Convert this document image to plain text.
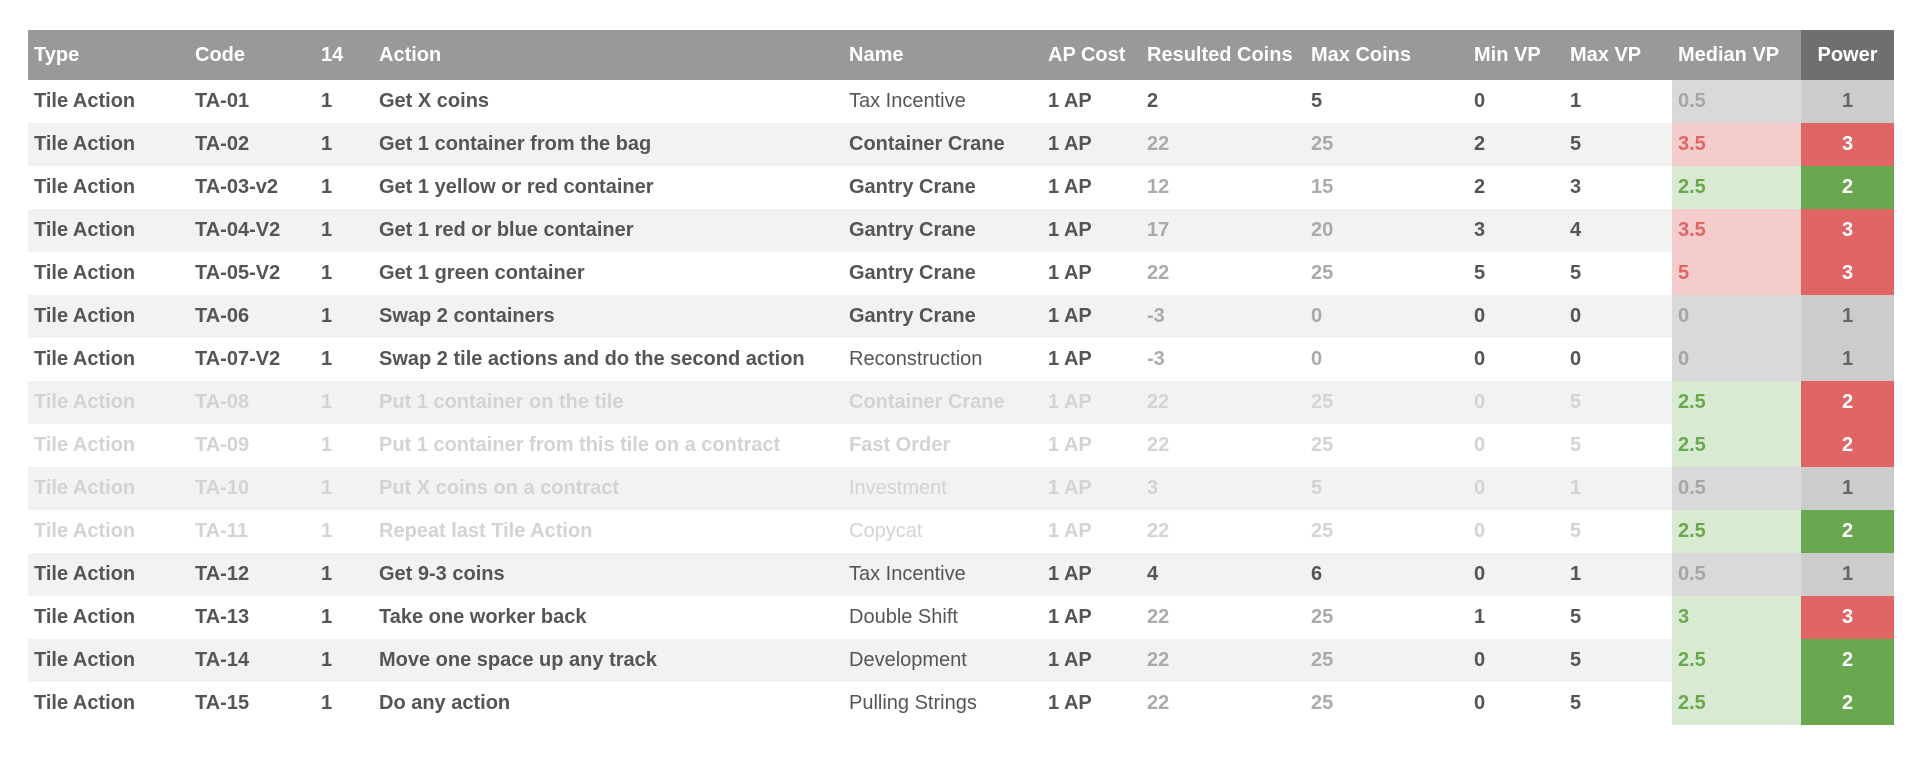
Type	Code	14	Action	Name	AP Cost	Resulted Coins	Max Coins	Min VP	Max VP	Median VP	Power
Tile Action	TA-01	1	Get X coins	Tax Incentive	1 AP	2	5	0	1	0.5	1
Tile Action	TA-02	1	Get 1 container from the bag	Container Crane	1 AP	22	25	2	5	3.5	3
Tile Action	TA-03-v2	1	Get 1 yellow or red container	Gantry Crane	1 AP	12	15	2	3	2.5	2
Tile Action	TA-04-V2	1	Get 1 red or blue container	Gantry Crane	1 AP	17	20	3	4	3.5	3
Tile Action	TA-05-V2	1	Get 1 green container	Gantry Crane	1 AP	22	25	5	5	5	3
Tile Action	TA-06	1	Swap 2 containers	Gantry Crane	1 AP	-3	0	0	0	0	1
Tile Action	TA-07-V2	1	Swap 2 tile actions and do the second action	Reconstruction	1 AP	-3	0	0	0	0	1
Tile Action	TA-08	1	Put 1 container on the tile	Container Crane	1 AP	22	25	0	5	2.5	2
Tile Action	TA-09	1	Put 1 container from this tile on a contract	Fast Order	1 AP	22	25	0	5	2.5	2
Tile Action	TA-10	1	Put X coins on a contract	Investment	1 AP	3	5	0	1	0.5	1
Tile Action	TA-11	1	Repeat last Tile Action	Copycat	1 AP	22	25	0	5	2.5	2
Tile Action	TA-12	1	Get 9-3 coins	Tax Incentive	1 AP	4	6	0	1	0.5	1
Tile Action	TA-13	1	Take one worker back	Double Shift	1 AP	22	25	1	5	3	3
Tile Action	TA-14	1	Move one space up any track	Development	1 AP	22	25	0	5	2.5	2
Tile Action	TA-15	1	Do any action	Pulling Strings	1 AP	22	25	0	5	2.5	2
